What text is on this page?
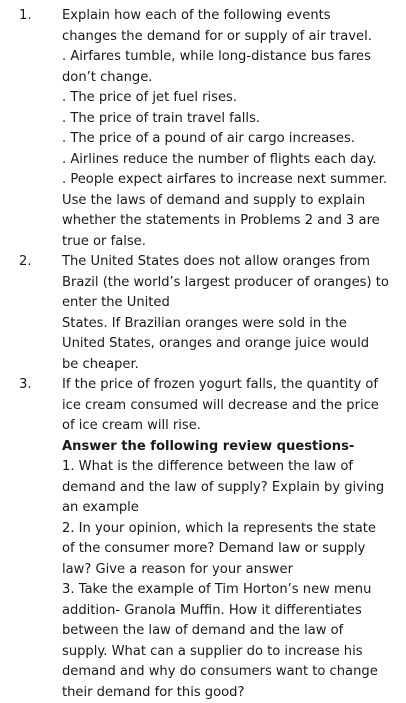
1.	Explain how each of the following events
changes the demand for or supply of air travel.
. Airfares tumble, while long-distance bus fares
don’t change.
. The price of jet fuel rises.
. The price of train travel falls.
. The price of a pound of air cargo increases.
. Airlines reduce the number of flights each day.
. People expect airfares to increase next summer.
Use the laws of demand and supply to explain
whether the statements in Problems 2 and 3 are
true or false.
2.	The United States does not allow oranges from
Brazil (the world’s largest producer of oranges) to
enter the United
States. If Brazilian oranges were sold in the
United States, oranges and orange juice would
be cheaper.
3.	If the price of frozen yogurt falls, the quantity of
ice cream consumed will decrease and the price
of ice cream will rise.
Answer the following review questions-
1. What is the difference between the law of
demand and the law of supply? Explain by giving
an example
2. In your opinion, which la represents the state
of the consumer more? Demand law or supply
law? Give a reason for your answer
3. Take the example of Tim Horton’s new menu
addition- Granola Muffin. How it differentiates
between the law of demand and the law of
supply. What can a supplier do to increase his
demand and why do consumers want to change
their demand for this good?
